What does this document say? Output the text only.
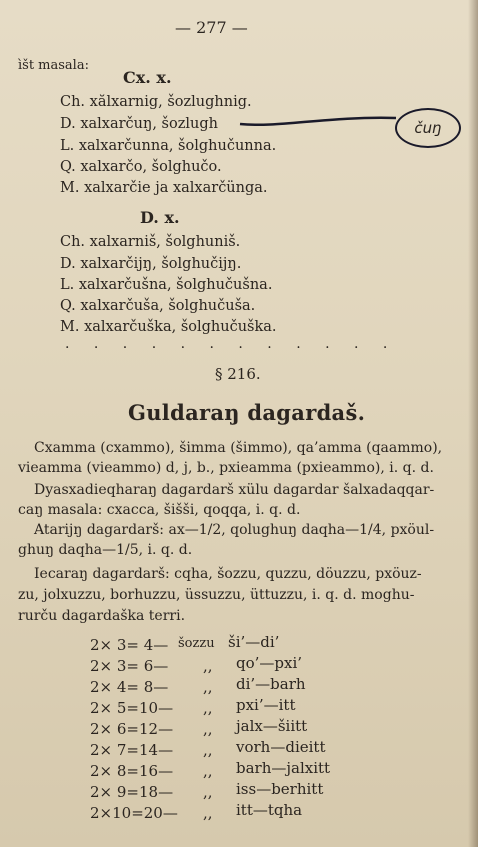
— 277 —
ìšt masala:
Cx. x.
Ch. xălxarnig, šozlughnig.
D. xalxarčuŋ, šozlugh
L. xalxarčunna, šolghučunna.
Q. xalxarčo, šolghučo.
M. xalxarčie ja xalxarčünga.
čuŋ
D. x.
Ch. xalxarniš, šolghuniš.
D. xalxarčijŋ, šolghučijŋ.
L. xalxarčušna, šolghučušna.
Q. xalxarčuša, šolghučuša.
M. xalxarčuška, šolghučuška.
. . . . . . . . . . . .
§ 216.
Guldaraŋ dagardaš.
Cxamma (cxammo), šimma (šimmo), qa’amma (qaammo), vieamma (vieammo) d, j, b., pxieamma (pxieammo), i. q. d.
Dyasxadieqharaŋ dagardarš xülu dagardar šalxadaqqar-
caŋ masala: cxacca, šišši, qoqqa, i. q. d.
Atarijŋ dagardarš: ax—1/2, qolughuŋ daqha—1/4, pxöul-
ghuŋ daqha—1/5, i. q. d.
Iecaraŋ dagardarš: cqha, šozzu, quzzu, döuzzu, pxöuz-
zu, jolxuzzu, borhuzzu, üssuzzu, üttuzzu, i. q. d. moghu-
rurču dagardaška terri.
2× 3= 4— šozzu ši’—di’
2× 3= 6—	,, qo’—pxi’
2× 4= 8—	,, di’—barh
2× 5=10—	,, pxi’—itt
2× 6=12—	,, jalx—šiitt
2× 7=14—	,, vorh—dieitt
2× 8=16—	,, barh—jalxitt
2× 9=18—	,, iss—berhitt
2×10=20—	,, itt—tqha
